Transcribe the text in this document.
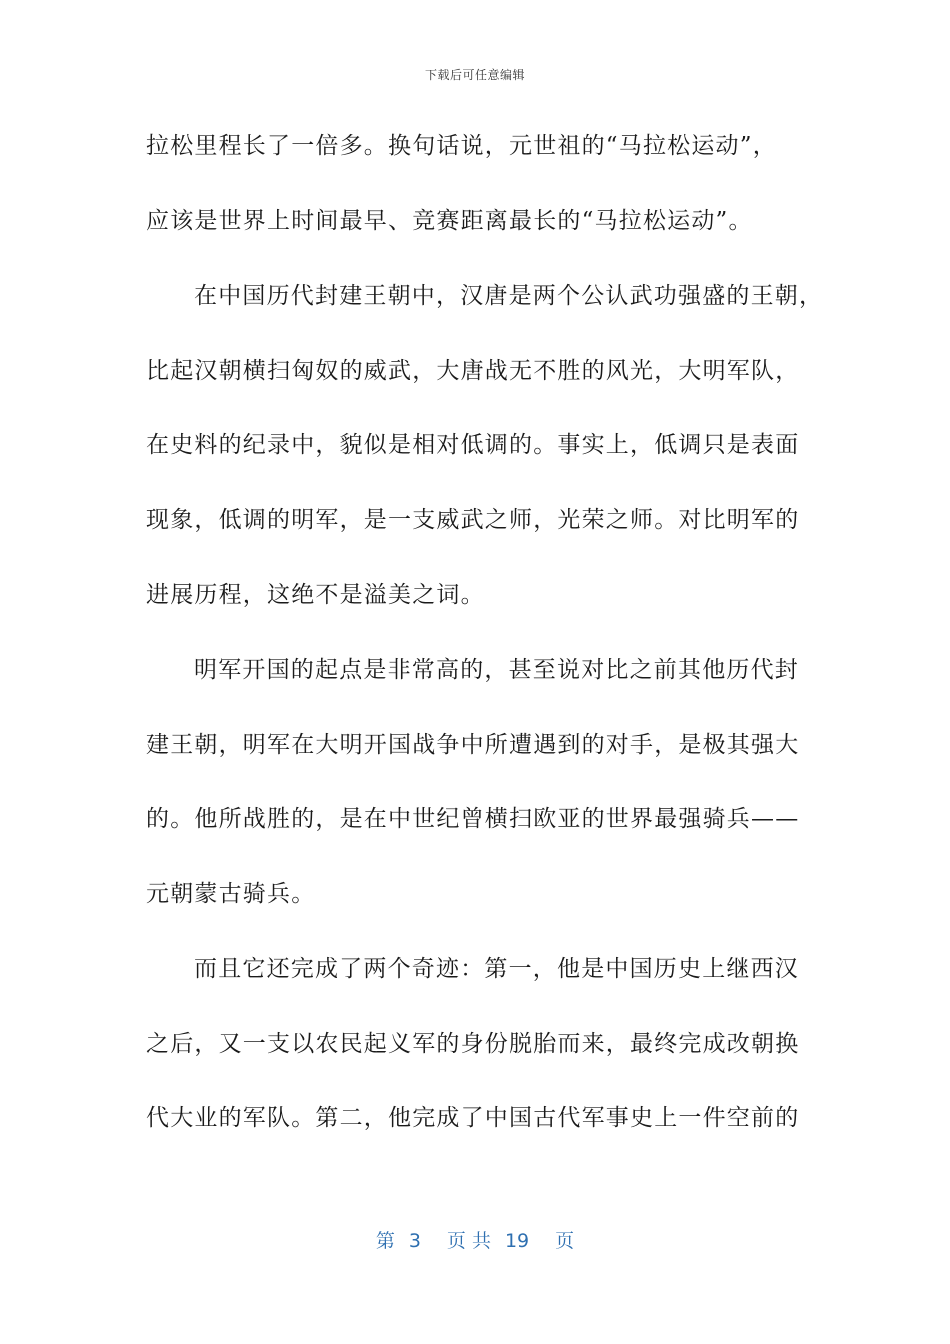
下载后可任意编辑
拉松里程长了一倍多。换句话说，元世祖的“马拉松运动”，
应该是世界上时间最早、竞赛距离最长的“马拉松运动”。
在中国历代封建王朝中，汉唐是两个公认武功强盛的王朝，
比起汉朝横扫匈奴的威武，大唐战无不胜的风光，大明军队，
在史料的纪录中，貌似是相对低调的。事实上，低调只是表面
现象，低调的明军，是一支威武之师，光荣之师。对比明军的
进展历程，这绝不是溢美之词。
明军开国的起点是非常高的，甚至说对比之前其他历代封
建王朝，明军在大明开国战争中所遭遇到的对手，是极其强大
的。他所战胜的，是在中世纪曾横扫欧亚的世界最强骑兵——
元朝蒙古骑兵。
而且它还完成了两个奇迹：第一，他是中国历史上继西汉
之后，又一支以农民起义军的身份脱胎而来，最终完成改朝换
代大业的军队。第二，他完成了中国古代军事史上一件空前的
第 3 页 共 19 页
